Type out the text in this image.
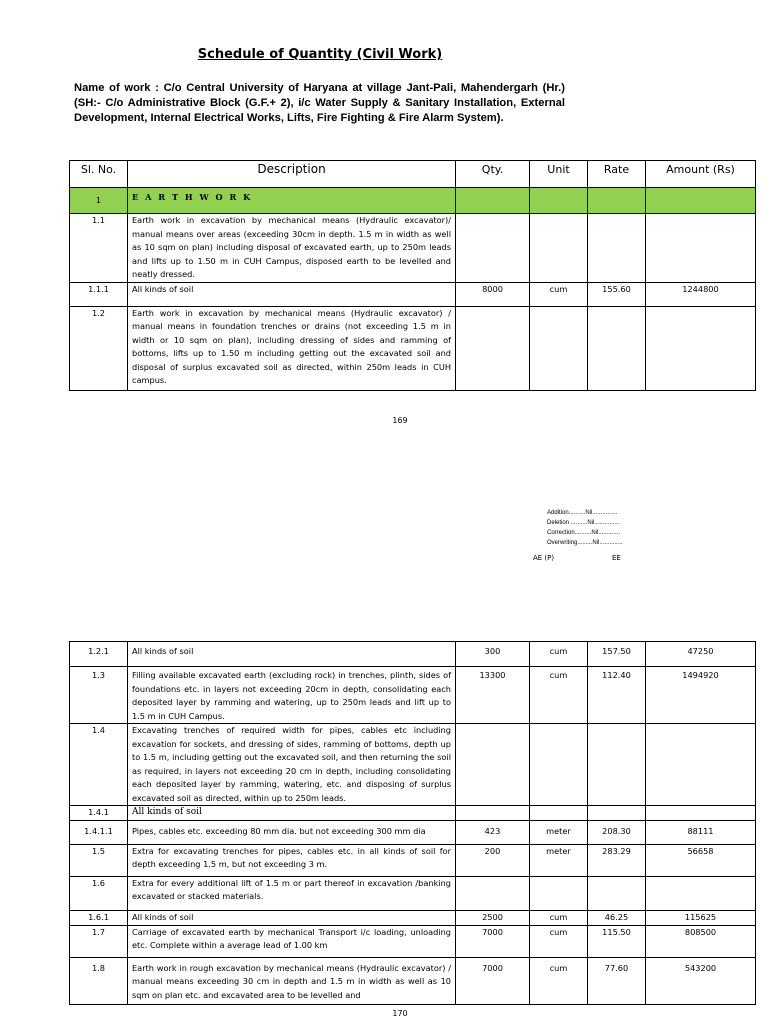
Schedule of Quantity (Civil Work)
Name of work : C/o Central University of Haryana at village Jant-Pali, Mahendergarh (Hr.) (SH:- C/o Administrative Block (G.F.+ 2), i/c Water Supply & Sanitary Installation, External Development, Internal Electrical Works, Lifts, Fire Fighting & Fire Alarm System).
Sl. No.	Description	Qty.	Unit	Rate	Amount (Rs)
1	E A R T H W O R K				
1.1	Earth work in excavation by mechanical means (Hydraulic excavator)/ manual means over areas (exceeding 30cm in depth. 1.5 m in width as well as 10 sqm on plan) including disposal of excavated earth, up to 250m leads and lifts up to 1.50 m in CUH Campus, disposed earth to be levelled and neatly dressed.				
1.1.1	All kinds of soil	8000	cum	155.60	1244800
1.2	Earth work in excavation by mechanical means (Hydraulic excavator) / manual means in foundation trenches or drains (not exceeding 1.5 m in width or 10 sqm on plan), including dressing of sides and ramming of bottoms, lifts up to 1.50 m including getting out the excavated soil and disposal of surplus excavated soil as directed, within 250m leads in CUH campus.				
169
Addition..........Nil...............
Deletion ..........Nil...............
Correction..........Nil.............
Overwriting.........Nil..............
AE (P)	EE
1.2.1	All kinds of soil	300	cum	157.50	47250
1.3	Filling available excavated earth (excluding rock) in trenches, plinth, sides of foundations etc. in layers not exceeding 20cm in depth, consolidating each deposited layer by ramming and watering, up to 250m leads and lift up to 1.5 m in CUH Campus.	13300	cum	112.40	1494920
1.4	Excavating trenches of required width for pipes, cables etc including excavation for sockets, and dressing of sides, ramming of bottoms, depth up to 1.5 m, including getting out the excavated soil, and then returning the soil as required, in layers not exceeding 20 cm in depth, including consolidating each deposited layer by ramming, watering, etc. and disposing of surplus excavated soil as directed, within up to 250m leads.				
1.4.1	All kinds of soil				
1.4.1.1	Pipes, cables etc. exceeding 80 mm dia. but not exceeding 300 mm dia	423	meter	208.30	88111
1.5	Extra for excavating trenches for pipes, cables etc. in all kinds of soil for depth exceeding 1.5 m, but not exceeding 3 m.	200	meter	283.29	56658
1.6	Extra for every additional lift of 1.5 m or part thereof in excavation /banking excavated or stacked materials.				
1.6.1	All kinds of soil	2500	cum	46.25	115625
1.7	Carriage of excavated earth by mechanical Transport i/c loading, unloading etc. Complete within a average lead of 1.00 km	7000	cum	115.50	808500
1.8	Earth work in rough excavation by mechanical means (Hydraulic excavator) / manual means exceeding 30 cm in depth and 1.5 m in width as well as 10 sqm on plan etc. and excavated area to be levelled and	7000	cum	77.60	543200
170
